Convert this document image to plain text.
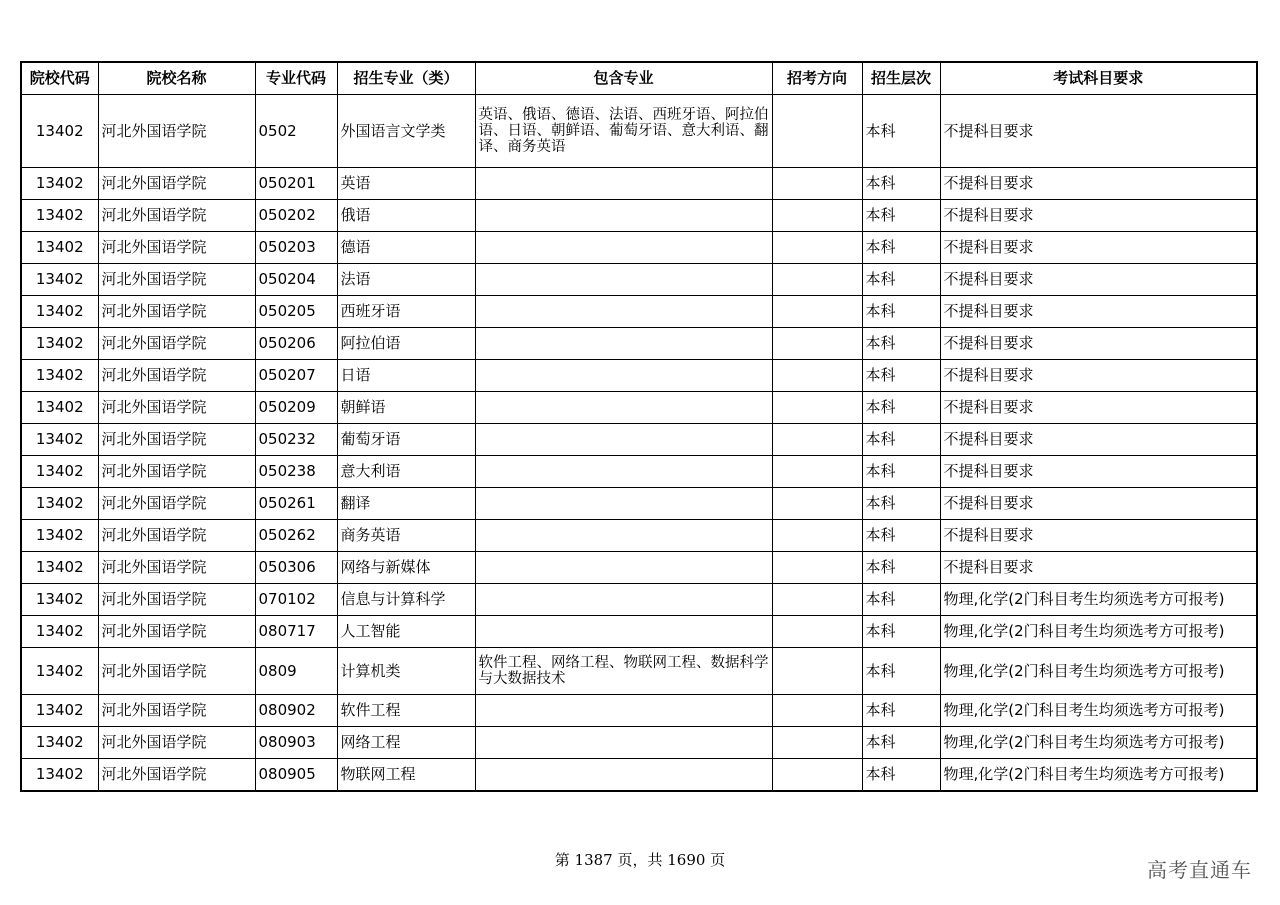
院校代码	院校名称	专业代码	招生专业（类）	包含专业	招考方向	招生层次	考试科目要求
13402	河北外国语学院	0502	外国语言文学类	英语、俄语、德语、法语、西班牙语、阿拉伯语、日语、朝鲜语、葡萄牙语、意大利语、翻译、商务英语		本科	不提科目要求
13402	河北外国语学院	050201	英语			本科	不提科目要求
13402	河北外国语学院	050202	俄语			本科	不提科目要求
13402	河北外国语学院	050203	德语			本科	不提科目要求
13402	河北外国语学院	050204	法语			本科	不提科目要求
13402	河北外国语学院	050205	西班牙语			本科	不提科目要求
13402	河北外国语学院	050206	阿拉伯语			本科	不提科目要求
13402	河北外国语学院	050207	日语			本科	不提科目要求
13402	河北外国语学院	050209	朝鲜语			本科	不提科目要求
13402	河北外国语学院	050232	葡萄牙语			本科	不提科目要求
13402	河北外国语学院	050238	意大利语			本科	不提科目要求
13402	河北外国语学院	050261	翻译			本科	不提科目要求
13402	河北外国语学院	050262	商务英语			本科	不提科目要求
13402	河北外国语学院	050306	网络与新媒体			本科	不提科目要求
13402	河北外国语学院	070102	信息与计算科学			本科	物理,化学(2门科目考生均须选考方可报考)
13402	河北外国语学院	080717	人工智能			本科	物理,化学(2门科目考生均须选考方可报考)
13402	河北外国语学院	0809	计算机类	软件工程、网络工程、物联网工程、数据科学与大数据技术		本科	物理,化学(2门科目考生均须选考方可报考)
13402	河北外国语学院	080902	软件工程			本科	物理,化学(2门科目考生均须选考方可报考)
13402	河北外国语学院	080903	网络工程			本科	物理,化学(2门科目考生均须选考方可报考)
13402	河北外国语学院	080905	物联网工程			本科	物理,化学(2门科目考生均须选考方可报考)
第 1387 页，共 1690 页	高考直通车
